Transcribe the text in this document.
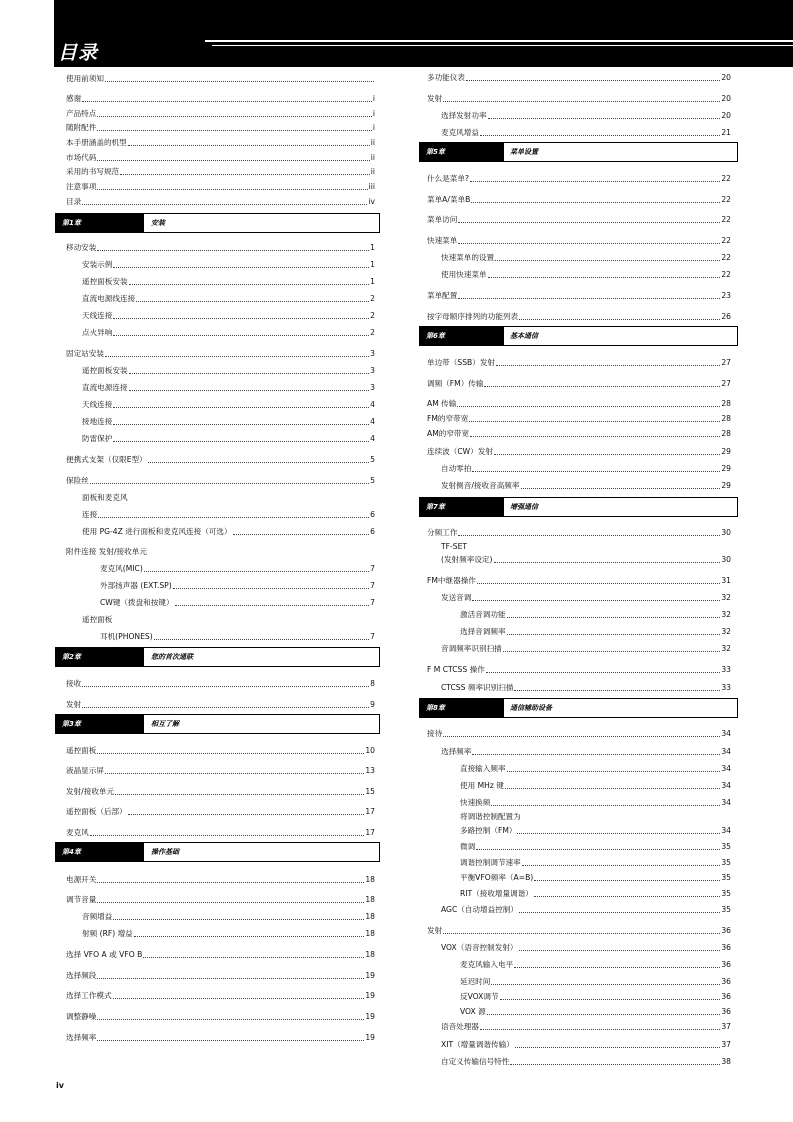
目录
使用前须知
感谢	i
产品特点	i
随附配件	i
本手册涵盖的机型	ii
市场代码	ii
采用的书写规范	ii
注意事项	iii
目录	iv
移动安装	1
安装示例	1
遥控面板安装	1
直流电源线连接	2
天线连接	2
点火异响	2
固定站安装	3
遥控面板安装	3
直流电源连接	3
天线连接	4
接地连接	4
防雷保护	4
便携式支架（仅限E型）	5
保险丝	5
面板和麦克风
连接	6
使用 PG-4Z 进行面板和麦克风连接（可选）	6
附件连接 发射/接收单元
麦克风(MIC)	7
外部扬声器 (EXT.SP)	7
CW键（拨盘和按键）	7
遥控面板
耳机(PHONES)	7
接收	8
发射	9
遥控面板	10
液晶显示屏	13
发射/接收单元	15
遥控面板（后部）	17
麦克风	17
电源开关	18
调节音量	18
音频增益	18
射频 (RF) 增益	18
选择 VFO A 或 VFO B	18
选择频段	19
选择工作模式	19
调整静噪	19
选择频率	19
多功能仪表	20
发射	20
选择发射功率	20
麦克风增益	21
什么是菜单?	22
菜单A/菜单B	22
菜单访问	22
快速菜单	22
快速菜单的设置	22
使用快速菜单	22
菜单配置	23
按字母顺序排列的功能列表	26
单边带（SSB）发射	27
调频（FM）传输	27
AM 传输	28
FM的窄带宽	28
AM的窄带宽	28
连续波（CW）发射	29
自动零拍	29
发射侧音/接收音高频率	29
分频工作	30
TF-SET
(发射频率设定)	30
FM中继器操作	31
发送音调	32
激活音调功能	32
选择音调频率	32
音调频率识别扫描	32
F M CTCSS 操作	33
CTCSS 频率识别扫描	33
接待	34
选择频率	34
直接输入频率	34
使用 MHz 键	34
快速换频	34
将调谐控制配置为
多路控制（FM）	34
微调	35
调谐控制调节速率	35
平衡VFO频率（A=B)	35
RIT（接收增量调谐）	35
AGC（自动增益控制）	35
发射	36
VOX（语音控制发射）	36
麦克风输入电平	36
延迟时间	36
反VOX调节	36
VOX 源	36
语音处理器	37
XIT（增量调谐传输）	37
自定义传输信号特性	38
第1章	安装
第2章	您的首次通联
第3章	相互了解
第4章	操作基础
第5章	菜单设置
第6章	基本通信
第7章	增强通信
第8章	通信辅助设备
iv
